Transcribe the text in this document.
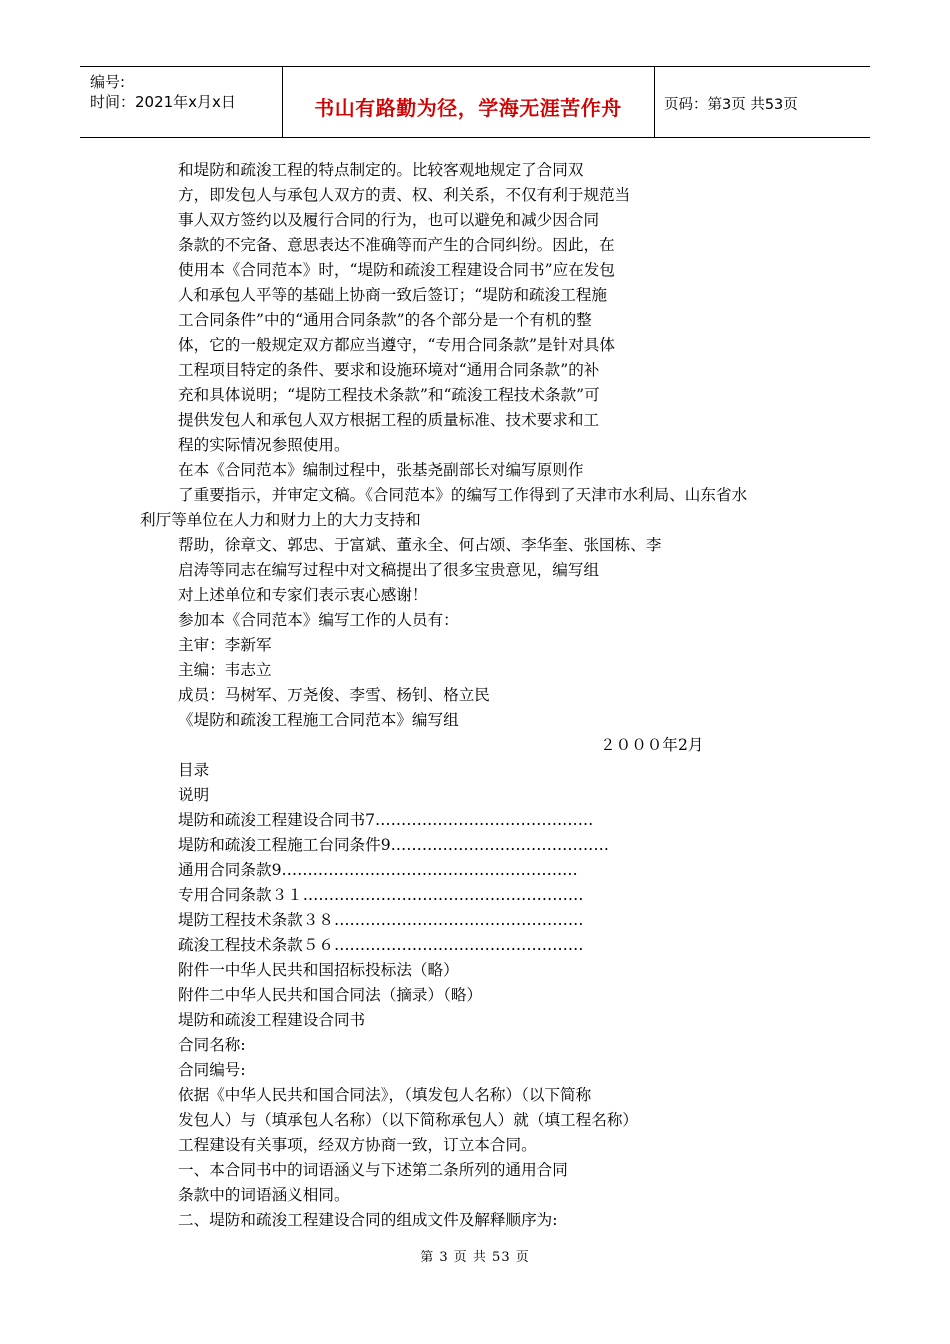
编号:
时间：2021年x月x日	书山有路勤为径，学海无涯苦作舟	页码：第3页 共53页
和堤防和疏浚工程的特点制定的。比较客观地规定了合同双
方，即发包人与承包人双方的责、权、利关系，不仅有利于规范当
事人双方签约以及履行合同的行为，也可以避免和减少因合同
条款的不完备、意思表达不准确等而产生的合同纠纷。因此，在
使用本《合同范本》时，“堤防和疏浚工程建设合同书”应在发包
人和承包人平等的基础上协商一致后签订；“堤防和疏浚工程施
工合同条件”中的“通用合同条款”的各个部分是一个有机的整
体，它的一般规定双方都应当遵守，“专用合同条款”是针对具体
工程项目特定的条件、要求和设施环境对“通用合同条款”的补
充和具体说明；“堤防工程技术条款”和“疏浚工程技术条款”可
提供发包人和承包人双方根据工程的质量标准、技术要求和工
程的实际情况参照使用。
在本《合同范本》编制过程中，张基尧副部长对编写原则作
了重要指示，并审定文稿。《合同范本》的编写工作得到了天津市水利局、山东省水
利厅等单位在人力和财力上的大力支持和
帮助，徐章文、郭忠、于富斌、董永全、何占颂、李华奎、张国栋、李
启涛等同志在编写过程中对文稿提出了很多宝贵意见，编写组
对上述单位和专家们表示衷心感谢！
参加本《合同范本》编写工作的人员有：
主审：李新军
主编：韦志立
成员：马树军、万尧俊、李雪、杨钊、格立民
《堤防和疏浚工程施工合同范本》编写组
２０００年2月
目录
说明
堤防和疏浚工程建设合同书7……………………………………
堤防和疏浚工程施工台同条件9……………………………………
通用合同条款9…………………………………………………
专用合同条款３１………………………………………………
堤防工程技术条款３８…………………………………………
疏浚工程技术条款５６…………………………………………
附件一中华人民共和国招标投标法（略）
附件二中华人民共和国合同法（摘录）（略）
堤防和疏浚工程建设合同书
合同名称:
合同编号:
依据《中华人民共和国合同法》，（填发包人名称）（以下简称
发包人）与（填承包人名称）（以下简称承包人）就（填工程名称）
工程建设有关事项，经双方协商一致，订立本合同。
一、本合同书中的词语涵义与下述第二条所列的通用合同
条款中的词语涵义相同。
二、堤防和疏浚工程建设合同的组成文件及解释顺序为:
第 3 页 共 53 页
